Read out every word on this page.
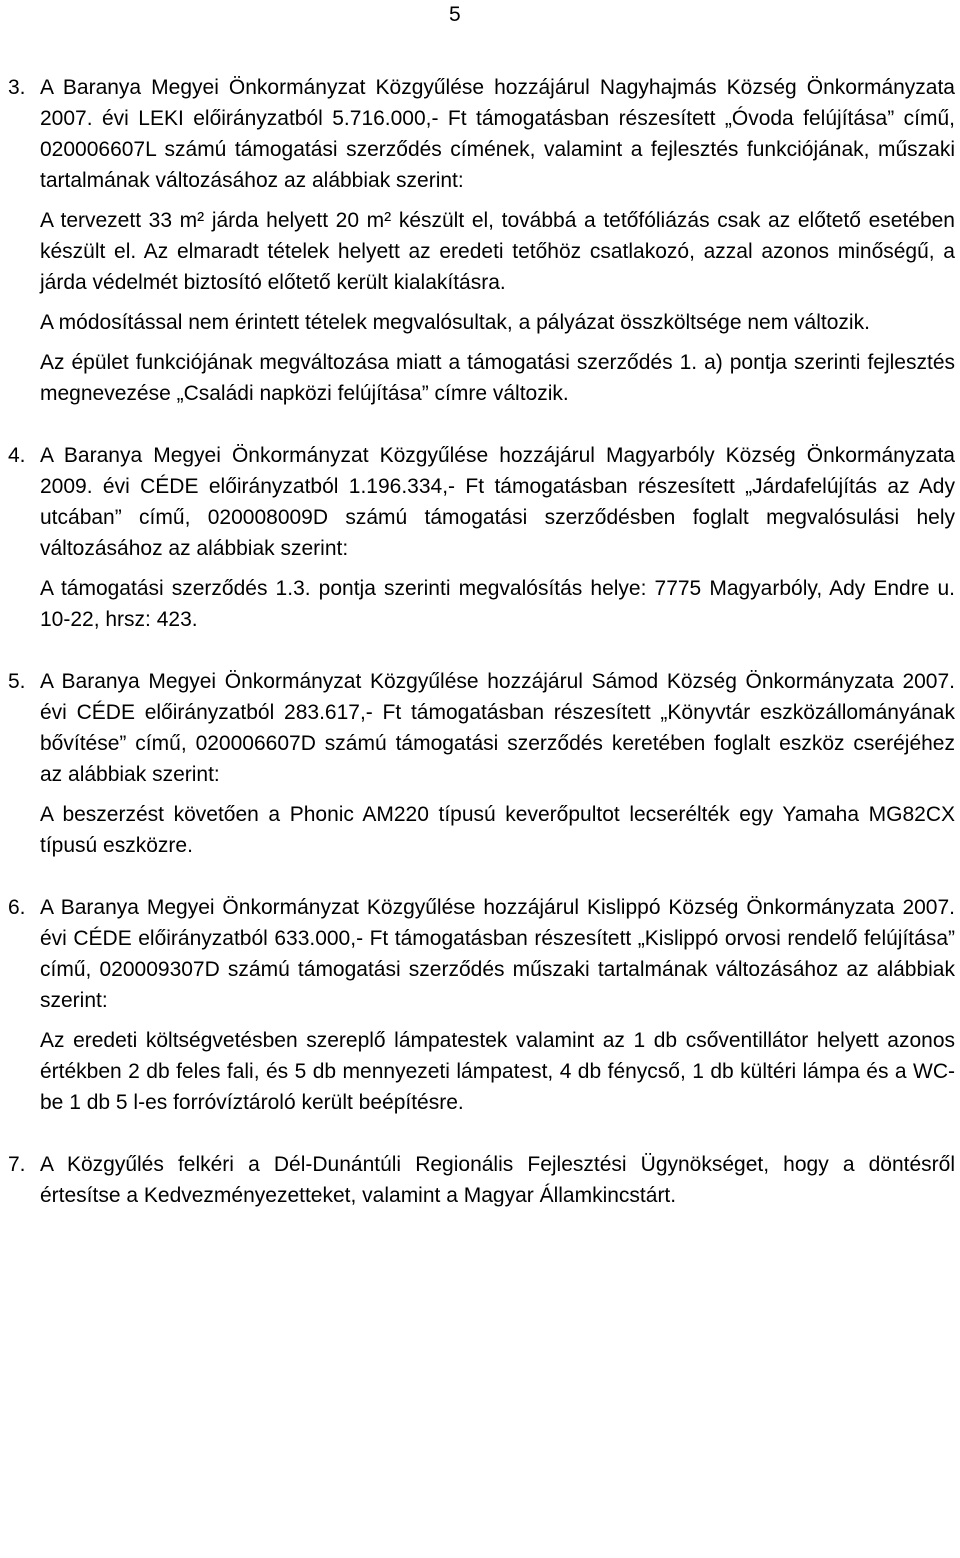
5
3. A Baranya Megyei Önkormányzat Közgyűlése hozzájárul Nagyhajmás Község Önkormányzata 2007. évi LEKI előirányzatból 5.716.000,- Ft támogatásban részesített „Óvoda felújítása” című, 020006607L számú támogatási szerződés címének, valamint a fejlesztés funkciójának, műszaki tartalmának változásához az alábbiak szerint:

A tervezett 33 m² járda helyett 20 m² készült el, továbbá a tetőfóliázás csak az előtető esetében készült el. Az elmaradt tételek helyett az eredeti tetőhöz csatlakozó, azzal azonos minőségű, a járda védelmét biztosító előtető került kialakításra.

A módosítással nem érintett tételek megvalósultak, a pályázat összköltsége nem változik.

Az épület funkciójának megváltozása miatt a támogatási szerződés 1. a) pontja szerinti fejlesztés megnevezése „Családi napközi felújítása” címre változik.

4. A Baranya Megyei Önkormányzat Közgyűlése hozzájárul Magyarbóly Község Önkormányzata 2009. évi CÉDE előirányzatból 1.196.334,- Ft támogatásban részesített „Járdafelújítás az Ady utcában” című, 020008009D számú támogatási szerződésben foglalt megvalósulási hely változásához az alábbiak szerint:

A támogatási szerződés 1.3. pontja szerinti megvalósítás helye: 7775 Magyarbóly, Ady Endre u. 10-22, hrsz: 423.

5. A Baranya Megyei Önkormányzat Közgyűlése hozzájárul Sámod Község Önkormányzata 2007. évi CÉDE előirányzatból 283.617,- Ft támogatásban részesített „Könyvtár eszközállományának bővítése” című, 020006607D számú támogatási szerződés keretében foglalt eszköz cseréjéhez az alábbiak szerint:

A beszerzést követően a Phonic AM220 típusú keverőpultot lecserélték egy Yamaha MG82CX típusú eszközre.

6. A Baranya Megyei Önkormányzat Közgyűlése hozzájárul Kislippó Község Önkormányzata 2007. évi CÉDE előirányzatból 633.000,- Ft támogatásban részesített „Kislippó orvosi rendelő felújítása” című, 020009307D számú támogatási szerződés műszaki tartalmának változásához az alábbiak szerint:

Az eredeti költségvetésben szereplő lámpatestek valamint az 1 db csőventillátor helyett azonos értékben 2 db feles fali, és 5 db mennyezeti lámpatest, 4 db fénycső, 1 db kültéri lámpa és a WC-be 1 db 5 l-es forróvíztároló került beépítésre.

7. A Közgyűlés felkéri a Dél-Dunántúli Regionális Fejlesztési Ügynökséget, hogy a döntésről értesítse a Kedvezményezetteket, valamint a Magyar Államkincstárt.
